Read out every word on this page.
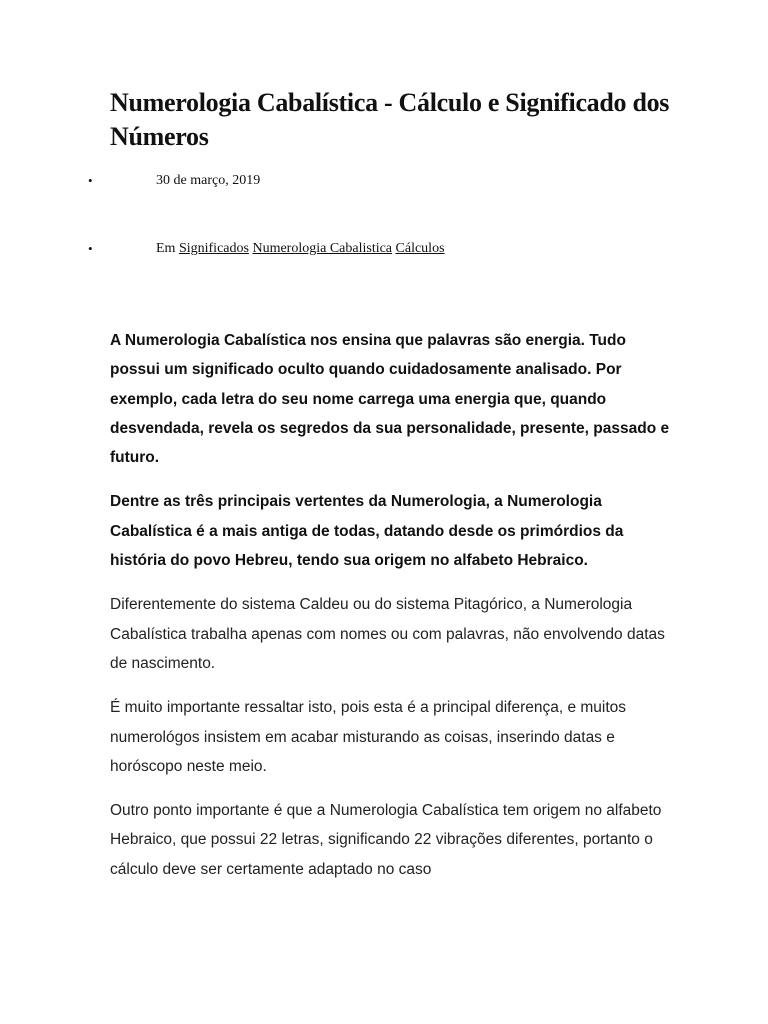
Numerologia Cabalística - Cálculo e Significado dos Números
•	30 de março, 2019
•	Em Significados Numerologia Cabalistica Cálculos

A Numerologia Cabalística nos ensina que palavras são energia. Tudo possui um significado oculto quando cuidadosamente analisado. Por exemplo, cada letra do seu nome carrega uma energia que, quando desvendada, revela os segredos da sua personalidade, presente, passado e futuro.

Dentre as três principais vertentes da Numerologia, a Numerologia Cabalística é a mais antiga de todas, datando desde os primórdios da história do povo Hebreu, tendo sua origem no alfabeto Hebraico.

Diferentemente do sistema Caldeu ou do sistema Pitagórico, a Numerologia Cabalística trabalha apenas com nomes ou com palavras, não envolvendo datas de nascimento.

É muito importante ressaltar isto, pois esta é a principal diferença, e muitos numerológos insistem em acabar misturando as coisas, inserindo datas e horóscopo neste meio.

Outro ponto importante é que a Numerologia Cabalística tem origem no alfabeto Hebraico, que possui 22 letras, significando 22 vibrações diferentes, portanto o cálculo deve ser certamente adaptado no caso
